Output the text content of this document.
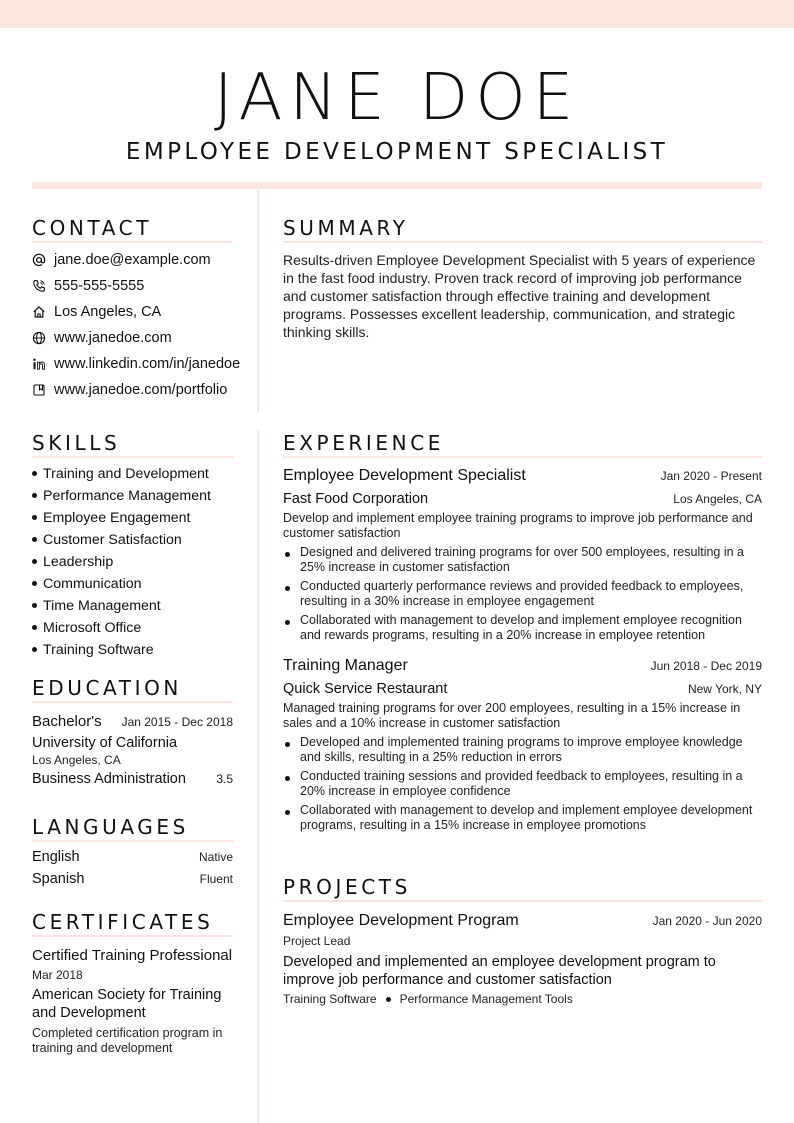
JANE DOE
EMPLOYEE DEVELOPMENT SPECIALIST
CONTACT
jane.doe@example.com
555-555-5555
Los Angeles, CA
www.janedoe.com
www.linkedin.com/in/janedoe
www.janedoe.com/portfolio
SUMMARY
Results-driven Employee Development Specialist with 5 years of experience in the fast food industry. Proven track record of improving job performance and customer satisfaction through effective training and development programs. Possesses excellent leadership, communication, and strategic thinking skills.
SKILLS
Training and Development
Performance Management
Employee Engagement
Customer Satisfaction
Leadership
Communication
Time Management
Microsoft Office
Training Software
EDUCATION
Bachelor's Jan 2015 - Dec 2018
University of California
Los Angeles, CA
Business Administration	3.5
LANGUAGES
English	Native
Spanish	Fluent
CERTIFICATES
Certified Training Professional
Mar 2018
American Society for Training and Development
Completed certification program in training and development
EXPERIENCE
Employee Development Specialist	Jan 2020 - Present
Fast Food Corporation	Los Angeles, CA
Develop and implement employee training programs to improve job performance and customer satisfaction
Designed and delivered training programs for over 500 employees, resulting in a 25% increase in customer satisfaction
Conducted quarterly performance reviews and provided feedback to employees, resulting in a 30% increase in employee engagement
Collaborated with management to develop and implement employee recognition and rewards programs, resulting in a 20% increase in employee retention
Training Manager	Jun 2018 - Dec 2019
Quick Service Restaurant	New York, NY
Managed training programs for over 200 employees, resulting in a 15% increase in sales and a 10% increase in customer satisfaction
Developed and implemented training programs to improve employee knowledge and skills, resulting in a 25% reduction in errors
Conducted training sessions and provided feedback to employees, resulting in a 20% increase in employee confidence
Collaborated with management to develop and implement employee development programs, resulting in a 15% increase in employee promotions
PROJECTS
Employee Development Program	Jan 2020 - Jun 2020
Project Lead
Developed and implemented an employee development program to improve job performance and customer satisfaction
Training Software Performance Management Tools
